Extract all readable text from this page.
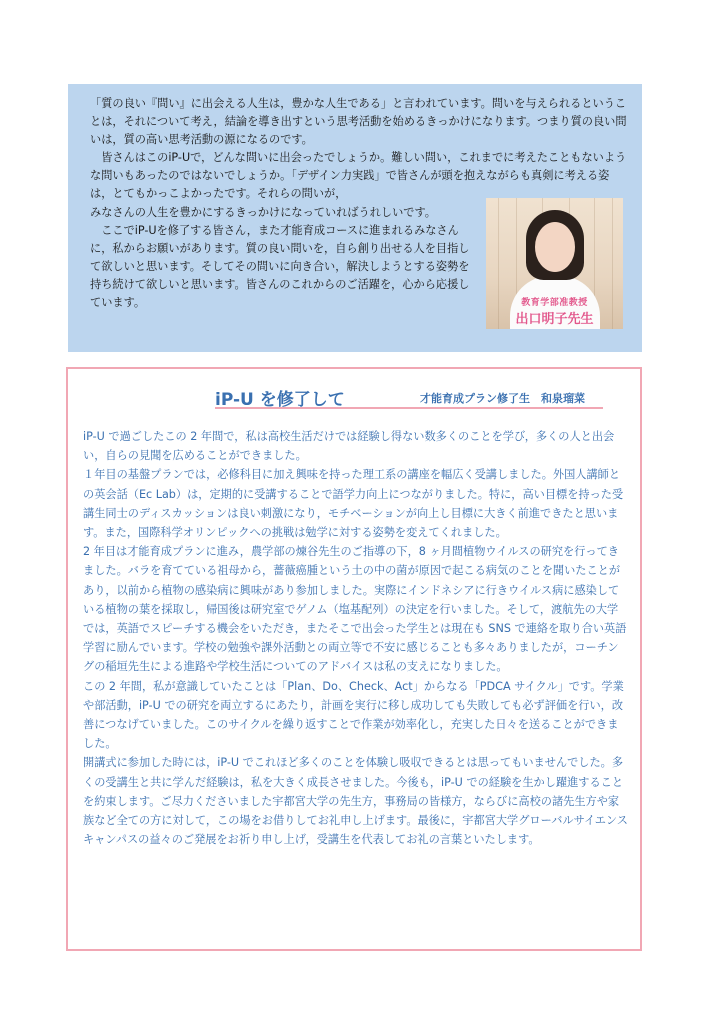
「質の良い『問い』に出会える人生は，豊かな人生である」と言われています。問いを与えられるということは，それについて考え，結論を導き出すという思考活動を始めるきっかけになります。つまり質の良い問いは，質の高い思考活動の源になるのです。

　皆さんはこのiP-Uで，どんな問いに出会ったでしょうか。難しい問い，これまでに考えたこともないような問いもあったのではないでしょうか。「デザイン力実践」で皆さんが頭を抱えながらも真剣に考える姿は，とてもかっこよかったです。それらの問いが，

みなさんの人生を豊かにするきっかけになっていればうれしいです。

　ここでiP-Uを修了する皆さん，また才能育成コースに進まれるみなさんに，私からお願いがあります。質の良い問いを，自ら創り出せる人を目指して欲しいと思います。そしてその問いに向き合い，解決しようとする姿勢を持ち続けて欲しいと思います。皆さんのこれからのご活躍を，心から応援しています。	教育学部准教授
出口明子先生
iP-U を修了して	才能育成プラン修了生　和泉瑠菜

iP-U で過ごしたこの 2 年間で，私は高校生活だけでは経験し得ない数多くのことを学び，多くの人と出会い，自らの見聞を広めることができました。

１年目の基盤プランでは，必修科目に加え興味を持った理工系の講座を幅広く受講しました。外国人講師との英会話（Ec Lab）は，定期的に受講することで語学力向上につながりました。特に，高い目標を持った受講生同士のディスカッションは良い刺激になり，モチベーションが向上し目標に大きく前進できたと思います。また，国際科学オリンピックへの挑戦は勉学に対する姿勢を変えてくれました。

2 年目は才能育成プランに進み，農学部の煉谷先生のご指導の下，8 ヶ月間植物ウイルスの研究を行ってきました。バラを育てている祖母から，薔薇癌腫という土の中の菌が原因で起こる病気のことを聞いたことがあり，以前から植物の感染病に興味があり参加しました。実際にインドネシアに行きウイルス病に感染している植物の葉を採取し，帰国後は研究室でゲノム（塩基配列）の決定を行いました。そして，渡航先の大学では，英語でスピーチする機会をいただき，またそこで出会った学生とは現在も SNS で連絡を取り合い英語学習に励んでいます。学校の勉強や課外活動との両立等で不安に感じることも多々ありましたが，コーチングの稲垣先生による進路や学校生活についてのアドバイスは私の支えになりました。

この 2 年間，私が意識していたことは「Plan、Do、Check、Act」からなる「PDCA サイクル」です。学業や部活動，iP-U での研究を両立するにあたり，計画を実行に移し成功しても失敗しても必ず評価を行い，改善につなげていました。このサイクルを繰り返すことで作業が効率化し，充実した日々を送ることができました。

開講式に参加した時には，iP-U でこれほど多くのことを体験し吸収できるとは思ってもいませんでした。多くの受講生と共に学んだ経験は，私を大きく成長させました。今後も，iP-U での経験を生かし躍進することを約束します。ご尽力くださいました宇都宮大学の先生方，事務局の皆様方，ならびに高校の諸先生方や家族など全ての方に対して，この場をお借りしてお礼申し上げます。最後に，宇都宮大学グローバルサイエンスキャンパスの益々のご発展をお祈り申し上げ，受講生を代表してお礼の言葉といたします。
